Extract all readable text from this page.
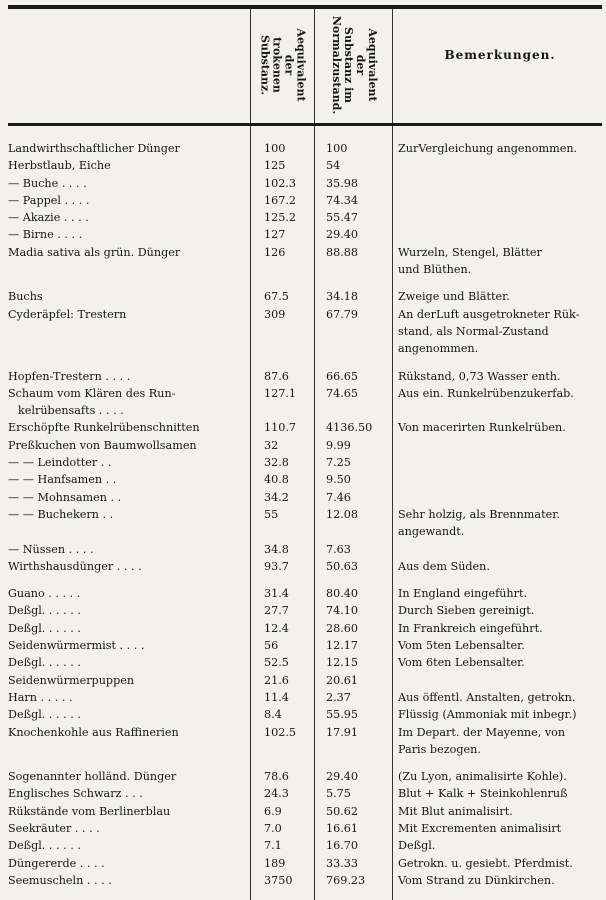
Aequivalent
der
trokenen
Substanz.	Aequivalent
der
Substanz im
Normalzustand.	Bemerkungen.
Landwirthschaftlicher Dünger	100	100	ZurVergleichung angenommen.
Herbstlaub, Eiche	125	54
— Buche . . . .	102.3	35.98
— Pappel . . . .	167.2	74.34
— Akazie . . . .	125.2	55.47
— Birne . . . .	127	29.40
Madia sativa als grün. Dünger	126	88.88	Wurzeln, Stengel, Blätter
und Blüthen.
Buchs	67.5	34.18	Zweige und Blätter.
Cyderäpfel: Trestern	309	67.79	An derLuft ausgetrokneter Rük-
stand, als Normal-Zustand
angenommen.
Hopfen-Trestern . . . .	87.6	66.65	Rükstand, 0,73 Wasser enth.
Schaum vom Klären des Run-
kelrübensafts . . . .
127.1	74.65	Aus ein. Runkelrübenzukerfab.
Erschöpfte Runkelrübenschnitten	110.7	4136.50	Von macerirten Runkelrüben.
Preßkuchen von Baumwollsamen	32	9.99
— — Leindotter . .	32.8	7.25
— — Hanfsamen . .	40.8	9.50
— — Mohnsamen . .	34.2	7.46
— — Buchekern . .	55	12.08	Sehr holzig, als Brennmater.
angewandt.
— Nüssen . . . .	34.8	7.63
Wirthshausdünger . . . .	93.7	50.63	Aus dem Süden.
Guano . . . . .	31.4	80.40	In England eingeführt.
Deßgl. . . . . .	27.7	74.10	Durch Sieben gereinigt.
Deßgl. . . . . .	12.4	28.60	In Frankreich eingeführt.
Seidenwürmermist . . . .	56	12.17	Vom 5ten Lebensalter.
Deßgl. . . . . .	52.5	12.15	Vom 6ten Lebensalter.
Seidenwürmerpuppen	21.6	20.61
Harn . . . . .	11.4	2.37	Aus öffentl. Anstalten, getrokn.
Deßgl. . . . . .	8.4	55.95	Flüssig (Ammoniak mit inbegr.)
Knochenkohle aus Raffinerien	102.5	17.91	Im Depart. der Mayenne, von
Paris bezogen.
Sogenannter holländ. Dünger	78.6	29.40	(Zu Lyon, animalisirte Kohle).
Englisches Schwarz . . .	24.3	5.75	Blut + Kalk + Steinkohlenruß
Rükstände vom Berlinerblau	6.9	50.62	Mit Blut animalisirt.
Seekräuter . . . .	7.0	16.61	Mit Excrementen animalisirt
Deßgl. . . . . .	7.1	16.70	Deßgl.
Düngererde . . . .	189	33.33	Getrokn. u. gesiebt. Pferdmist.
Seemuscheln . . . .	3750	769.23	Vom Strand zu Dünkirchen.
